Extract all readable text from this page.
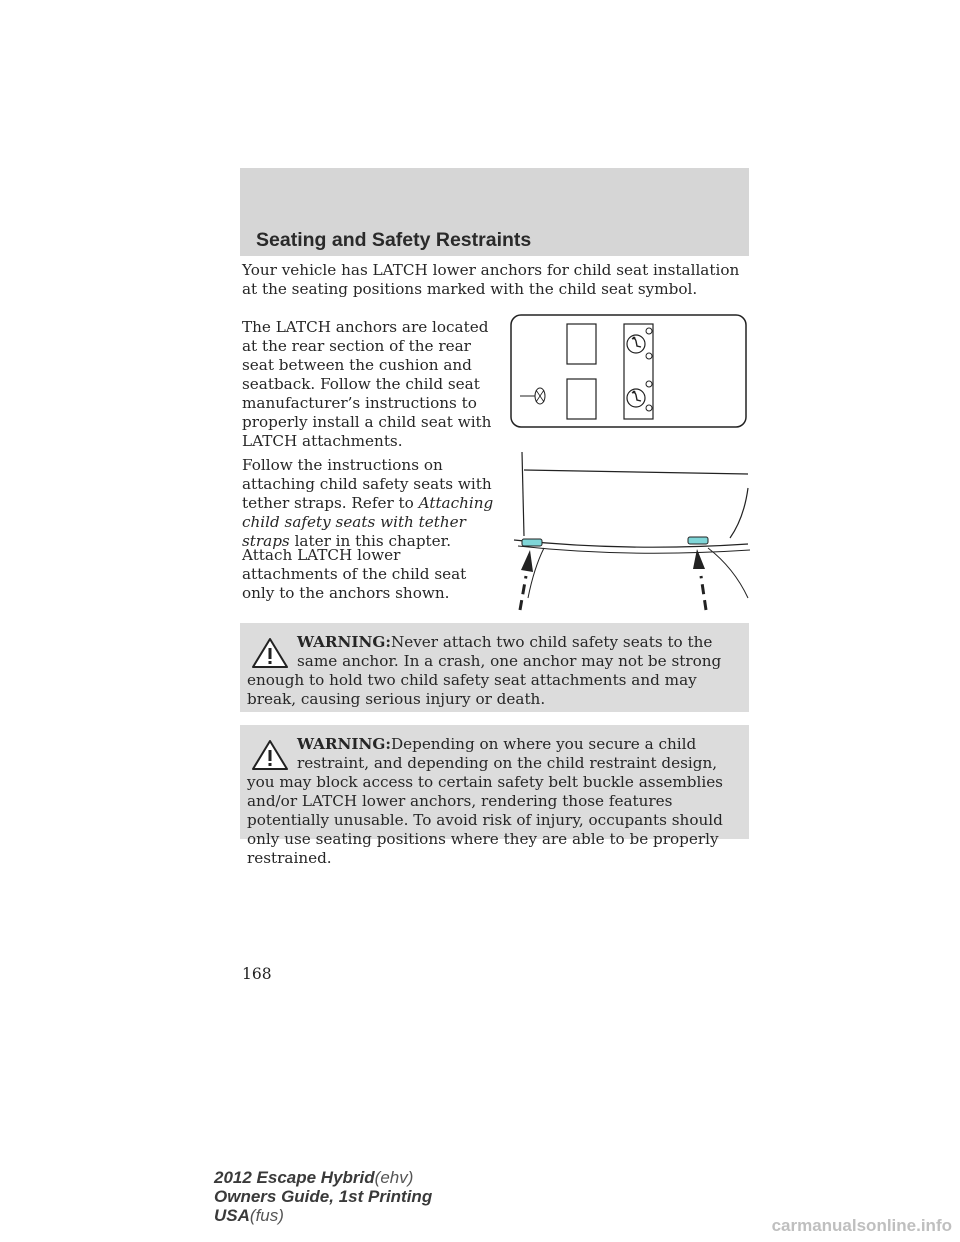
Seating and Safety Restraints

Your vehicle has LATCH lower anchors for child seat installation at the seating positions marked with the child seat symbol.

The LATCH anchors are located at the rear section of the rear seat between the cushion and seatback. Follow the child seat manufacturer’s instructions to properly install a child seat with LATCH attachments.

Follow the instructions on attaching child safety seats with tether straps. Refer to Attaching child safety seats with tether straps later in this chapter.

Attach LATCH lower attachments of the child seat only to the anchors shown.

WARNING:Never attach two child safety seats to the same anchor. In a crash, one anchor may not be strong enough to hold two child safety seat attachments and may break, causing serious injury or death.
WARNING:Depending on where you secure a child restraint, and depending on the child restraint design, you may block access to certain safety belt buckle assemblies and/or LATCH lower anchors, rendering those features potentially unusable. To avoid risk of injury, occupants should only use seating positions where they are able to be properly restrained.
168
2012 Escape Hybrid(ehv)
Owners Guide, 1st Printing
USA(fus)
carmanualsonline.info
